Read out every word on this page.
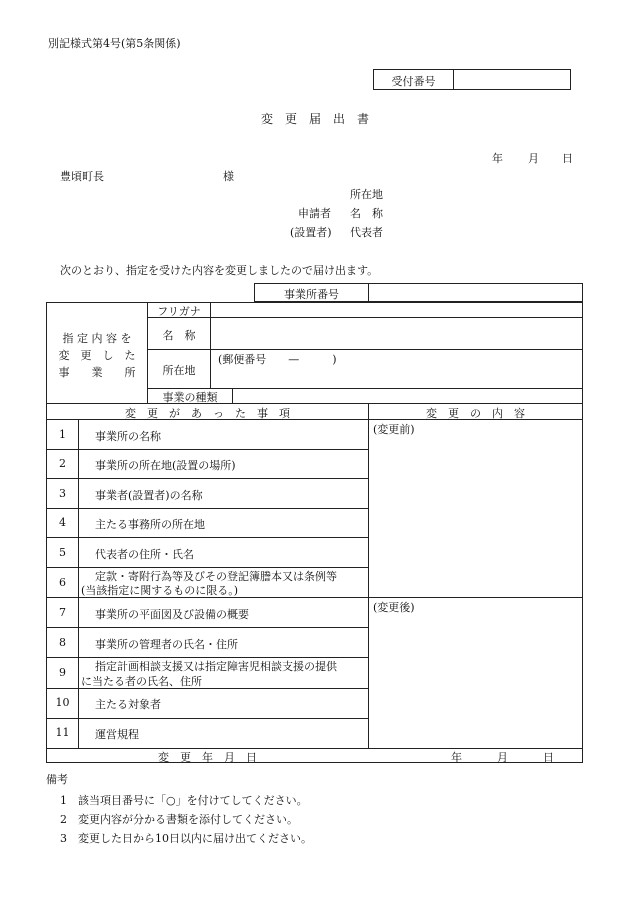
別記様式第4号(第5条関係)
受付番号
変　更　届　出　書
年 月 日
豊頃町長	様
所在地
申請者 名　称
(設置者) 代表者
次のとおり、指定を受けた内容を変更しましたので届け出ます。
事業所番号
指 定 内 容 を
変　更　し　た
事　　業　　所
フリガナ
名　称
所在地
(郵便番号　　—　　　)
事業の種類
変　更　が　あ　っ　た　事　項	変　更　の　内　容
1	事業所の名称
2	事業所の所在地(設置の場所)
3	事業者(設置者)の名称
4	主たる事務所の所在地
5	代表者の住所・氏名
6	定款・寄附行為等及びその登記簿謄本又は条例等
(当該指定に関するものに限る。)
7	事業所の平面図及び設備の概要
8	事業所の管理者の氏名・住所
9	指定計画相談支援又は指定障害児相談支援の提供
に当たる者の氏名、住所
10	主たる対象者
11	運営規程
(変更前)
(変更後)
変　更　年　月　日	年	月	日
備考
1　該当項目番号に「○」を付けてしてください。
2　変更内容が分かる書類を添付してください。
3　変更した日から10日以内に届け出てください。
